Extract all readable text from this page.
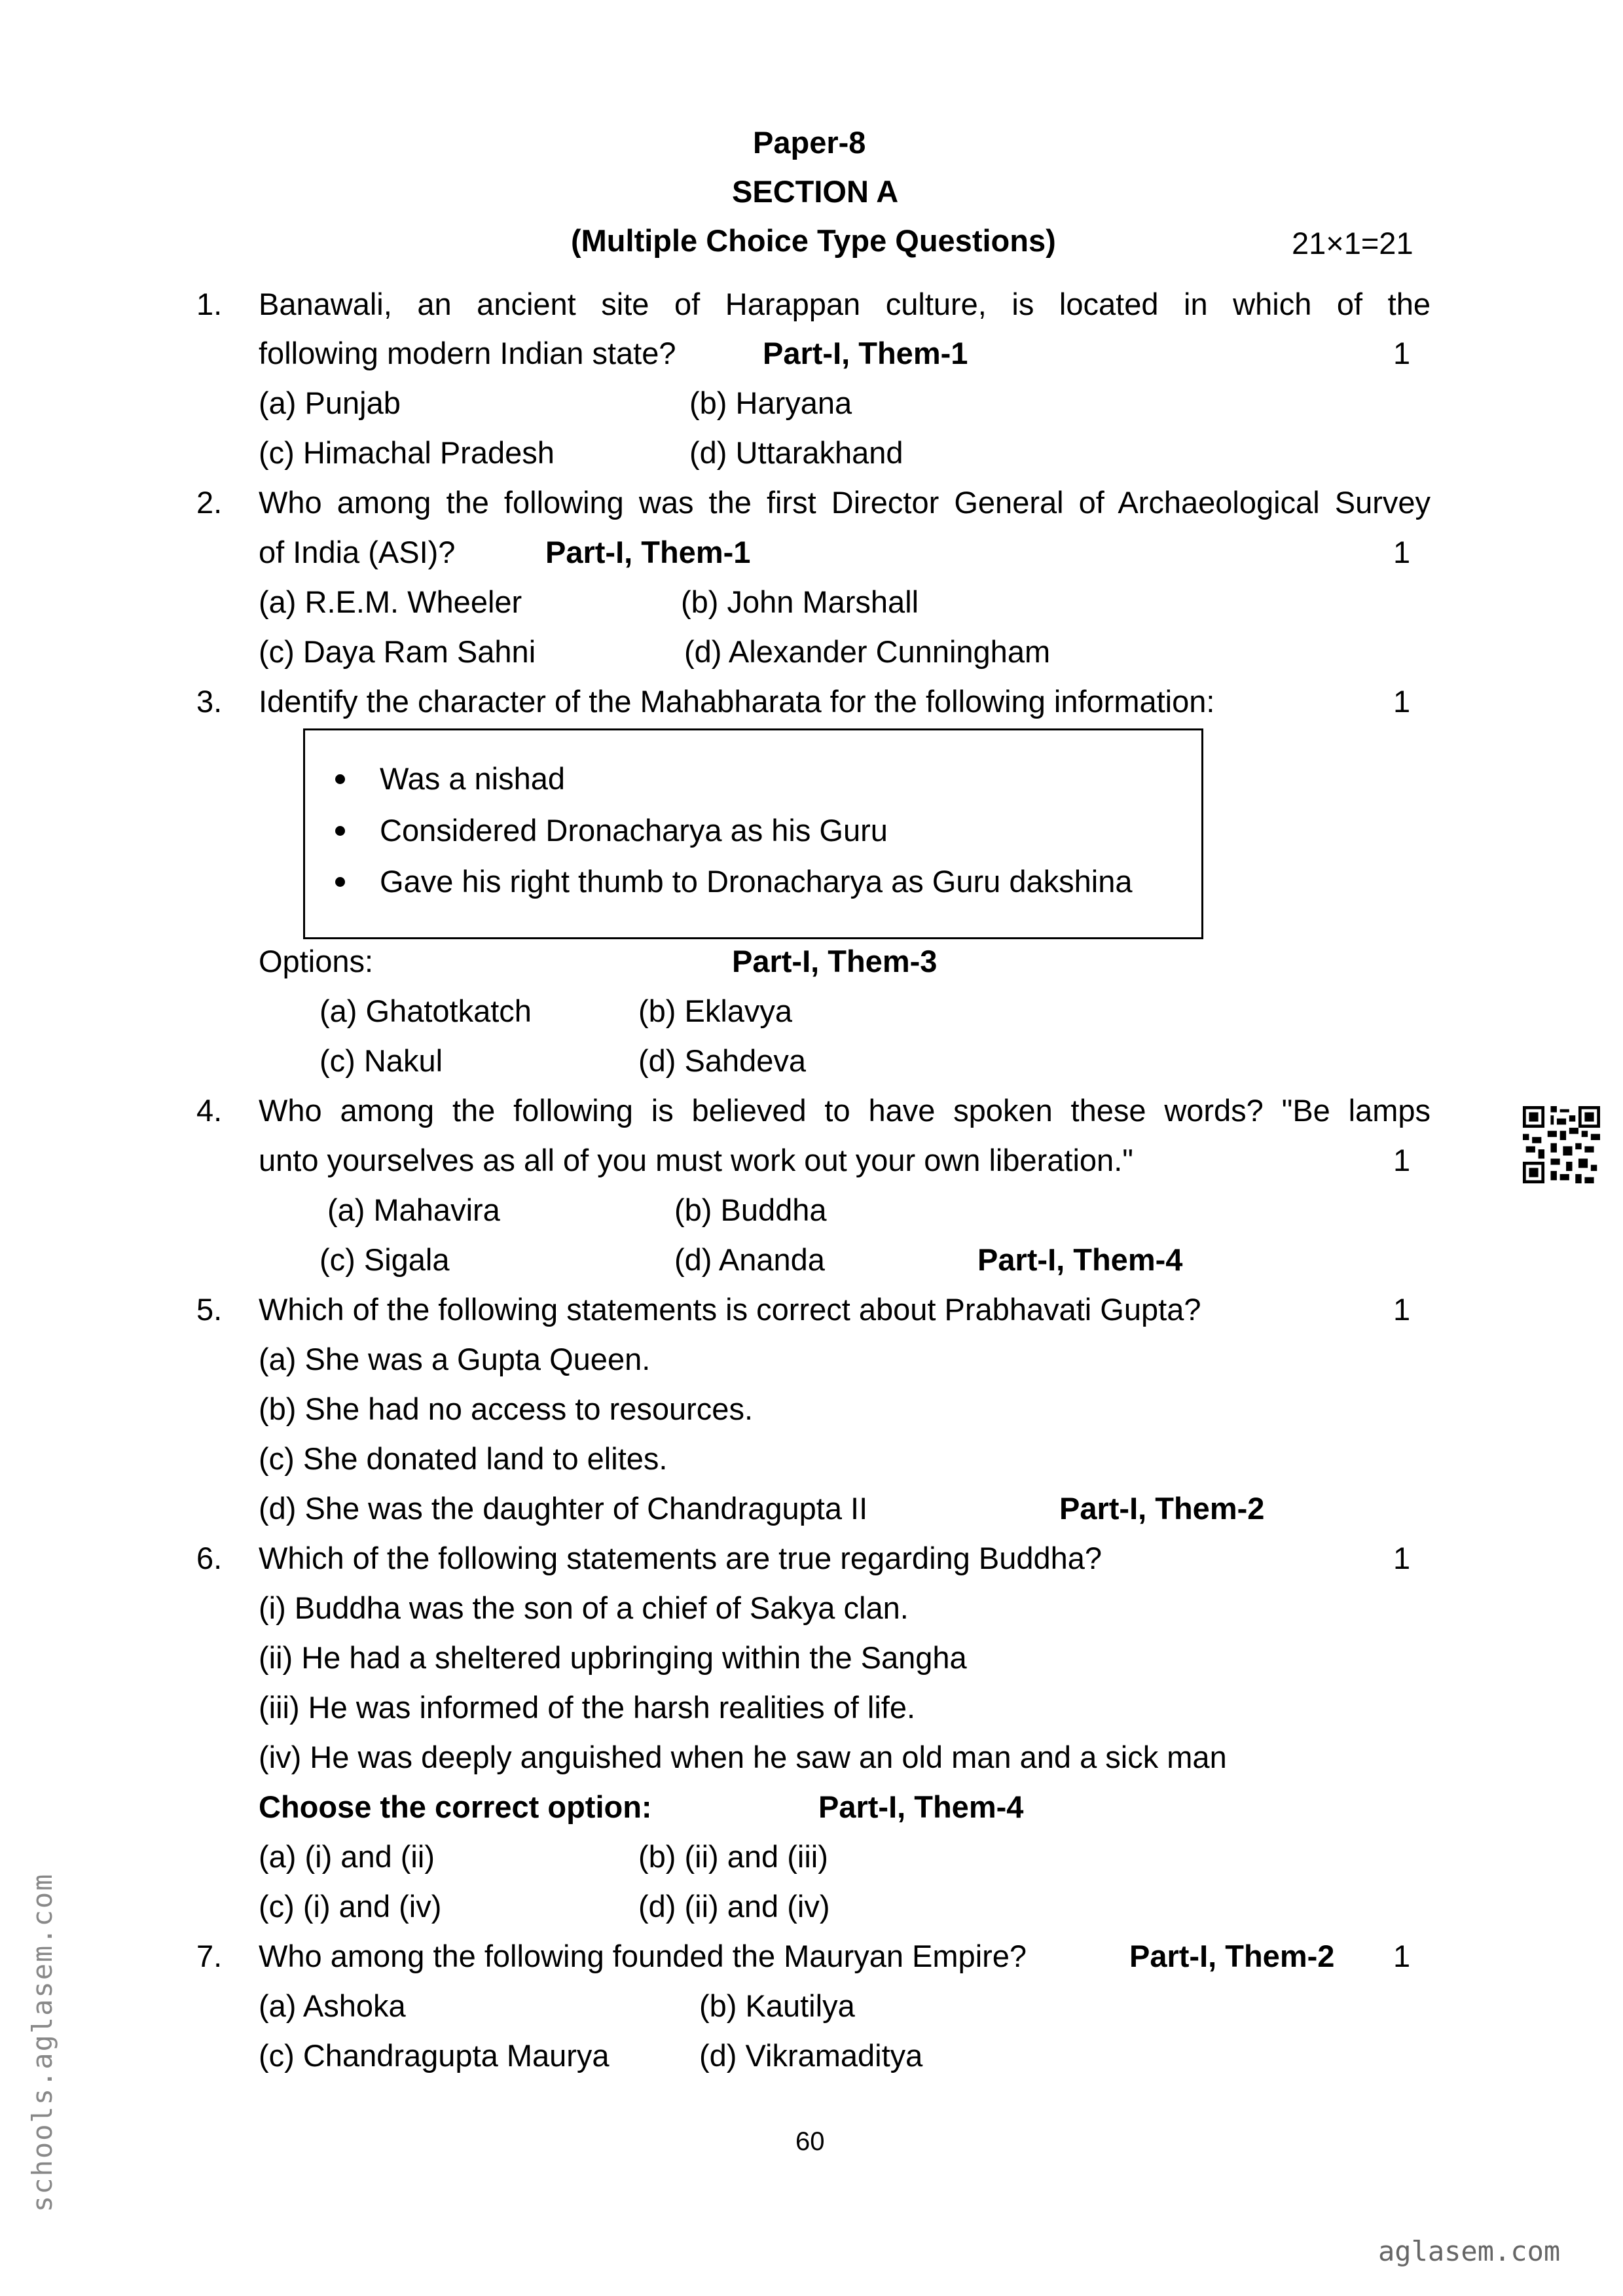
Paper-8
SECTION A
(Multiple Choice Type Questions)	21×1=21
1. Banawali, an ancient site of Harappan culture, is located in which of the
following modern Indian state?	Part-I, Them-1	1
(a) Punjab	(b) Haryana
(c) Himachal Pradesh	(d) Uttarakhand
2. Who among the following was the first Director General of Archaeological Survey
of India (ASI)?	Part-I, Them-1	1
(a) R.E.M. Wheeler	(b) John Marshall
(c) Daya Ram Sahni	(d) Alexander Cunningham
3. Identify the character of the Mahabharata for the following information:	1
Was a nishad
Considered Dronacharya as his Guru
Gave his right thumb to Dronacharya as Guru dakshina
Options:	Part-I, Them-3
(a) Ghatotkatch	(b) Eklavya
(c) Nakul	(d) Sahdeva
4. Who among the following is believed to have spoken these words? "Be lamps
unto yourselves as all of you must work out your own liberation."	1
(a) Mahavira	(b) Buddha
(c) Sigala	(d) Ananda	Part-I, Them-4
5. Which of the following statements is correct about Prabhavati Gupta?	1
(a) She was a Gupta Queen.
(b) She had no access to resources.
(c) She donated land to elites.
(d) She was the daughter of Chandragupta II	Part-I, Them-2
6. Which of the following statements are true regarding Buddha?	1
(i) Buddha was the son of a chief of Sakya clan.
(ii) He had a sheltered upbringing within the Sangha
(iii) He was informed of the harsh realities of life.
(iv) He was deeply anguished when he saw an old man and a sick man
Choose the correct option:	Part-I, Them-4
(a) (i) and (ii)	(b) (ii) and (iii)
(c) (i) and (iv)	(d) (ii) and (iv)
7. Who among the following founded the Mauryan Empire?	Part-I, Them-2 1
(a) Ashoka	(b) Kautilya
(c) Chandragupta Maurya	(d) Vikramaditya
60
schools.aglasem.com
aglasem.com
